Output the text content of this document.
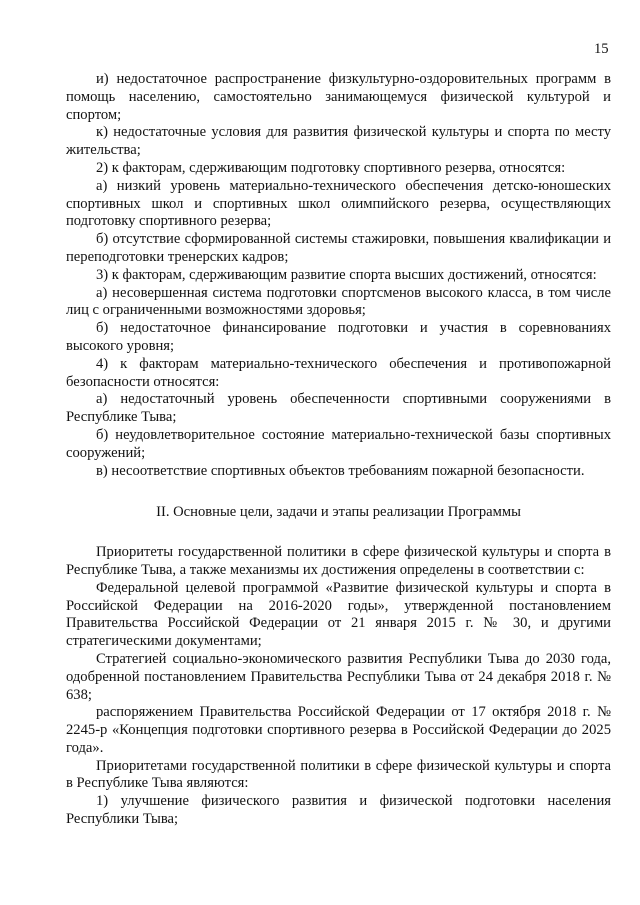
15

и) недостаточное распространение физкультурно-оздоровительных программ в помощь населению, самостоятельно занимающемуся физической культурой и спортом;

к) недостаточные условия для развития физической культуры и спорта по месту жительства;

2) к факторам, сдерживающим подготовку спортивного резерва, относятся:

а) низкий уровень материально-технического обеспечения детско-юношеских спортивных школ и спортивных школ олимпийского резерва, осуществляющих подготовку спортивного резерва;

б) отсутствие сформированной системы стажировки, повышения квалификации и переподготовки тренерских кадров;

3) к факторам, сдерживающим развитие спорта высших достижений, относятся:

а) несовершенная система подготовки спортсменов высокого класса, в том числе лиц с ограниченными возможностями здоровья;

б) недостаточное финансирование подготовки и участия в соревнованиях высокого уровня;

4) к факторам материально-технического обеспечения и противопожарной безопасности относятся:

а) недостаточный уровень обеспеченности спортивными сооружениями в Республике Тыва;

б) неудовлетворительное состояние материально-технической базы спортивных сооружений;

в) несоответствие спортивных объектов требованиям пожарной безопасности.

II. Основные цели, задачи и этапы реализации Программы

Приоритеты государственной политики в сфере физической культуры и спорта в Республике Тыва, а также механизмы их достижения определены в соответствии с:

Федеральной целевой программой «Развитие физической культуры и спорта в Российской Федерации на 2016-2020 годы», утвержденной постановлением Правительства Российской Федерации от 21 января 2015 г. № 30, и другими стратегическими документами;

Стратегией социально-экономического развития Республики Тыва до 2030 года, одобренной постановлением Правительства Республики Тыва от 24 декабря 2018 г. № 638;

распоряжением Правительства Российской Федерации от 17 октября 2018 г. № 2245-р «Концепция подготовки спортивного резерва в Российской Федерации до 2025 года».

Приоритетами государственной политики в сфере физической культуры и спорта в Республике Тыва являются:

1) улучшение физического развития и физической подготовки населения Республики Тыва;
